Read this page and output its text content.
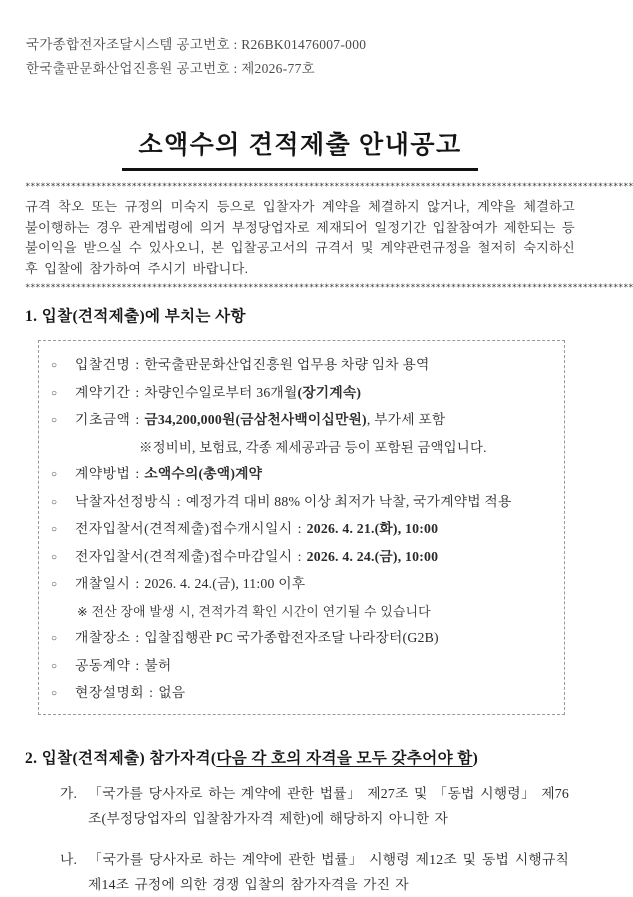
국가종합전자조달시스템 공고번호 : R26BK01476007-000
한국출판문화산업진흥원 공고번호 : 제2026-77호
소액수의 견적제출 안내공고
************************************************************************************************************************

규격 착오 또는 규정의 미숙지 등으로 입찰자가 계약을 체결하지 않거나, 계약을 체결하고 불이행하는 경우 관계법령에 의거 부정당업자로 제재되어 일정기간 입찰참여가 제한되는 등 불이익을 받으실 수 있사오니, 본 입찰공고서의 규격서 및 계약관련규정을 철저히 숙지하신 후 입찰에 참가하여 주시기 바랍니다.

************************************************************************************************************************
1. 입찰(견적제출)에 부치는 사항
○ 입찰건명 : 한국출판문화산업진흥원 업무용 차량 임차 용역
○ 계약기간 : 차량인수일로부터 36개월(장기계속)
○ 기초금액 : 금34,200,000원(금삼천사백이십만원), 부가세 포함
※정비비, 보험료, 각종 제세공과금 등이 포함된 금액입니다.
○ 계약방법 : 소액수의(총액)계약
○ 낙찰자선정방식 : 예정가격 대비 88% 이상 최저가 낙찰, 국가계약법 적용
○ 전자입찰서(견적제출)접수개시일시 : 2026. 4. 21.(화), 10:00
○ 전자입찰서(견적제출)접수마감일시 : 2026. 4. 24.(금), 10:00
○ 개찰일시 : 2026. 4. 24.(금), 11:00 이후
※ 전산 장애 발생 시, 견적가격 확인 시간이 연기될 수 있습니다
○ 개찰장소 : 입찰집행관 PC 국가종합전자조달 나라장터(G2B)
○ 공동계약 : 불허
○ 현장설명회 : 없음
2. 입찰(견적제출) 참가자격(다음 각 호의 자격을 모두 갖추어야 함)
가. 「국가를 당사자로 하는 계약에 관한 법률」 제27조 및 「동법 시행령」 제76조(부정당업자의 입찰참가자격 제한)에 해당하지 아니한 자
나. 「국가를 당사자로 하는 계약에 관한 법률」 시행령 제12조 및 동법 시행규칙 제14조 규정에 의한 경쟁 입찰의 참가자격을 가진 자
